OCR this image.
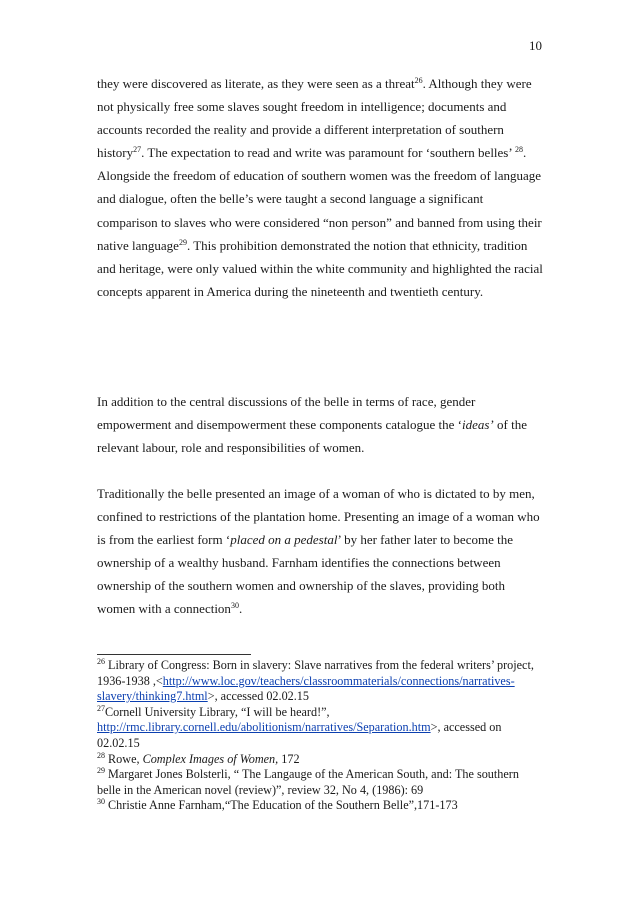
10

they were discovered as literate, as they were seen as a threat$^{26}$. Although they were not physically free some slaves sought freedom in intelligence; documents and accounts recorded the reality and provide a different interpretation of southern history$^{27}$. The expectation to read and write was paramount for ‘southern belles’ $^{28}$. Alongside the freedom of education of southern women was the freedom of language and dialogue, often the belle’s were taught a second language a significant comparison to slaves who were considered “non person” and banned from using their native language$^{29}$. This prohibition demonstrated the notion that ethnicity, tradition and heritage, were only valued within the white community and highlighted the racial concepts apparent in America during the nineteenth and twentieth century.

In addition to the central discussions of the belle in terms of race, gender empowerment and disempowerment these components catalogue the ‘ideas’ of the relevant labour, role and responsibilities of women.

Traditionally the belle presented an image of a woman of who is dictated to by men, confined to restrictions of the plantation home. Presenting an image of a woman who is from the earliest form ‘placed on a pedestal’ by her father later to become the ownership of a wealthy husband. Farnham identifies the connections between ownership of the southern women and ownership of the slaves, providing both women with a connection$^{30}$.

$^{26}$ Library of Congress: Born in slavery: Slave narratives from the federal writers’ project, 1936-1938 ,<http://www.loc.gov/teachers/classroommaterials/connections/narratives-slavery/thinking7.html>, accessed 02.02.15

$^{27}$Cornell University Library, “I will be heard!”,
http://rmc.library.cornell.edu/abolitionism/narratives/Separation.htm>, accessed on 02.02.15

$^{28}$ Rowe, Complex Images of Women, 172

$^{29}$ Margaret Jones Bolsterli, “ The Langauge of the American South, and: The southern belle in the American novel (review)”, review 32, No 4, (1986): 69

$^{30}$ Christie Anne Farnham,“The Education of the Southern Belle”,171-173
